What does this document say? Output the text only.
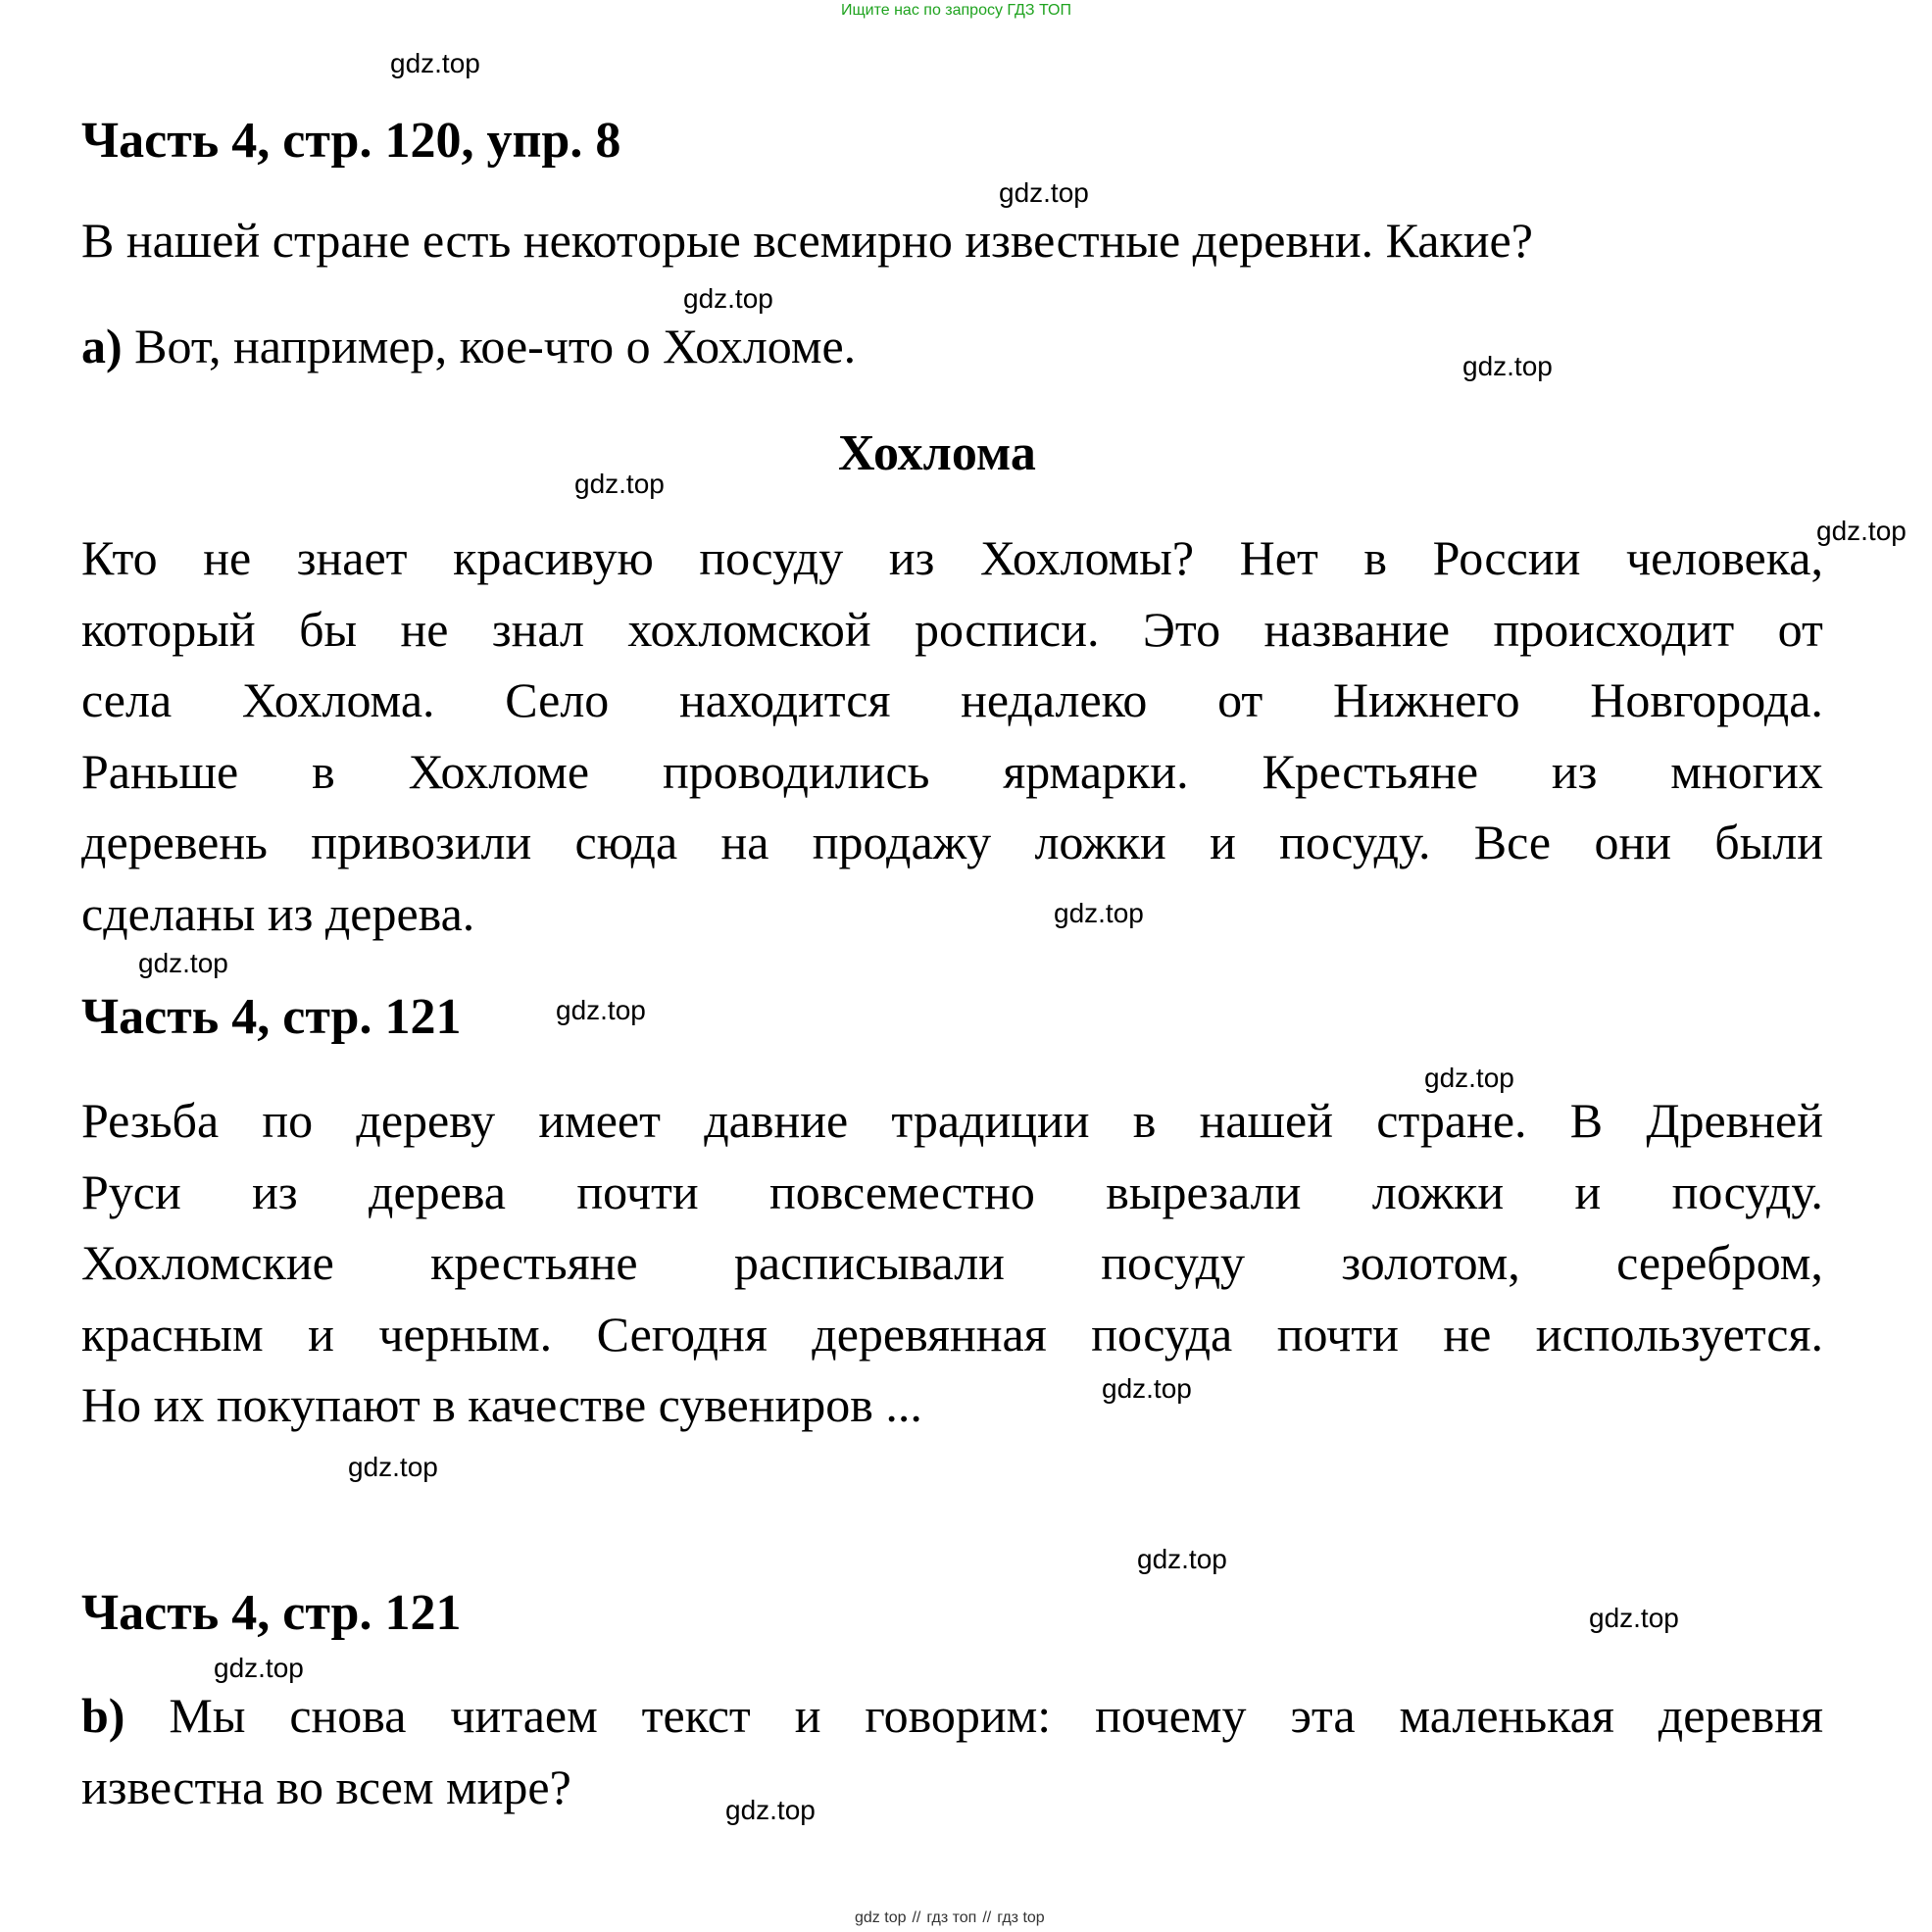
Ищите нас по запросу ГДЗ ТОП
gdz.top
gdz.top
gdz.top
gdz.top
gdz.top
gdz.top
gdz.top
gdz.top
gdz.top
gdz.top
gdz.top
gdz.top
gdz.top
gdz.top
gdz.top
gdz.top
Часть 4, стр. 120, упр. 8
В нашей стране есть некоторые всемирно известные деревни. Какие?
a) Вот, например, кое-что о Хохломе.
Хохлома
Кто не знает красивую посуду из Хохломы? Нет в России человека,
который бы не знал хохломской росписи. Это название происходит от
села Хохлома. Село находится недалеко от Нижнего Новгорода.
Раньше в Хохломе проводились ярмарки. Крестьяне из многих
деревень привозили сюда на продажу ложки и посуду. Все они были
сделаны из дерева.
Часть 4, стр. 121
Резьба по дереву имеет давние традиции в нашей стране. В Древней
Руси из дерева почти повсеместно вырезали ложки и посуду.
Хохломские крестьяне расписывали посуду золотом, серебром,
красным и черным. Сегодня деревянная посуда почти не используется.
Но их покупают в качестве сувениров ...
Часть 4, стр. 121
b) Мы снова читаем текст и говорим: почему эта маленькая деревня
известна во всем мире?
gdz top // гдз топ // гдз top
